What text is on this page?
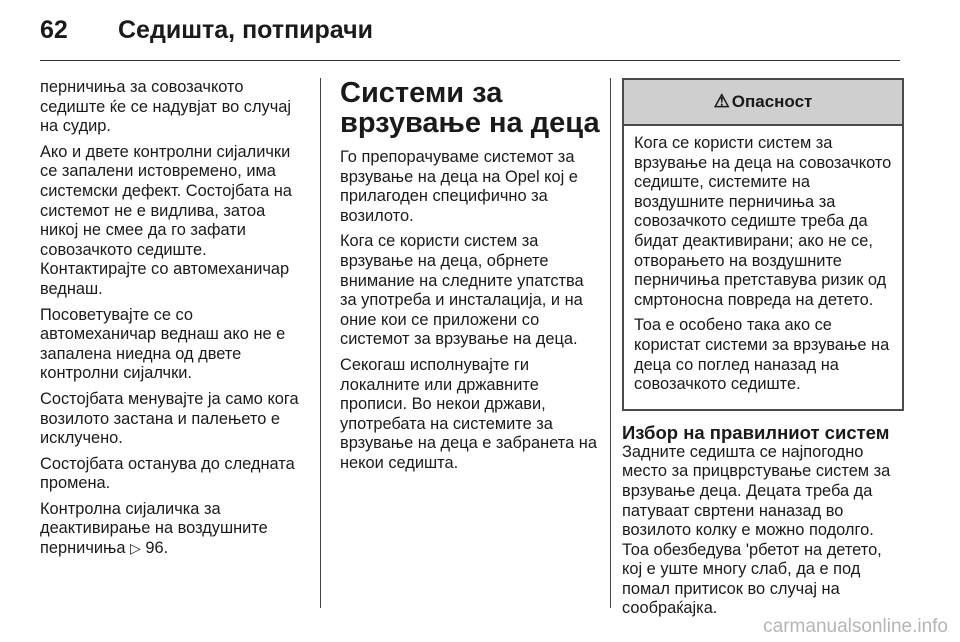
62 Седишта, потпирачи

перничиња за совозачкото седиште ќе се надувјат во случај на судир.

Ако и двете контролни сијалички се запалени истовремено, има системски дефект. Состојбата на системот не е видлива, затоа никој не смее да го зафати совозачкото седиште. Контактирајте со автомеханичар веднаш.

Посоветувајте се со автомеханичар веднаш ако не е запалена ниедна од двете контролни сијалчки.

Состојбата менувајте ја само кога возилото застана и палењето е исклучено.

Состојбата останува до следната промена.

Контролна сијаличка за деактивирање на воздушните перничиња ▷ 96.

Системи за врзување на деца

Го препорачуваме системот за врзување на деца на Opel кој е прилагоден специфично за возилото.

Кога се користи систем за врзување на деца, обрнете внимание на следните упатства за употреба и инсталација, и на оние кои се приложени со системот за врзување на деца.

Секогаш исполнувајте ги локалните или државните прописи. Во некои држави, употребата на системите за врзување на деца е забранета на некои седишта.

⚠ Опасност

Кога се користи систем за врзување на деца на совозачкото седиште, системите на воздушните перничиња за совозачкото седиште треба да бидат деактивирани; ако не се, отворањето на воздушните перничиња претставува ризик од смртоносна повреда на детето.

Тоа е особено така ако се користат системи за врзување на деца со поглед наназад на совозачкото седиште.

Избор на правилниот систем

Задните седишта се најпогодно место за прицврстување систем за врзување деца. Децата треба да патуваат свртени наназад во возилото колку е можно подолго. Тоа обезбедува 'рбетот на детето, кој е уште многу слаб, да е под помал притисок во случај на сообраќајка.

carmanualsonline.info
